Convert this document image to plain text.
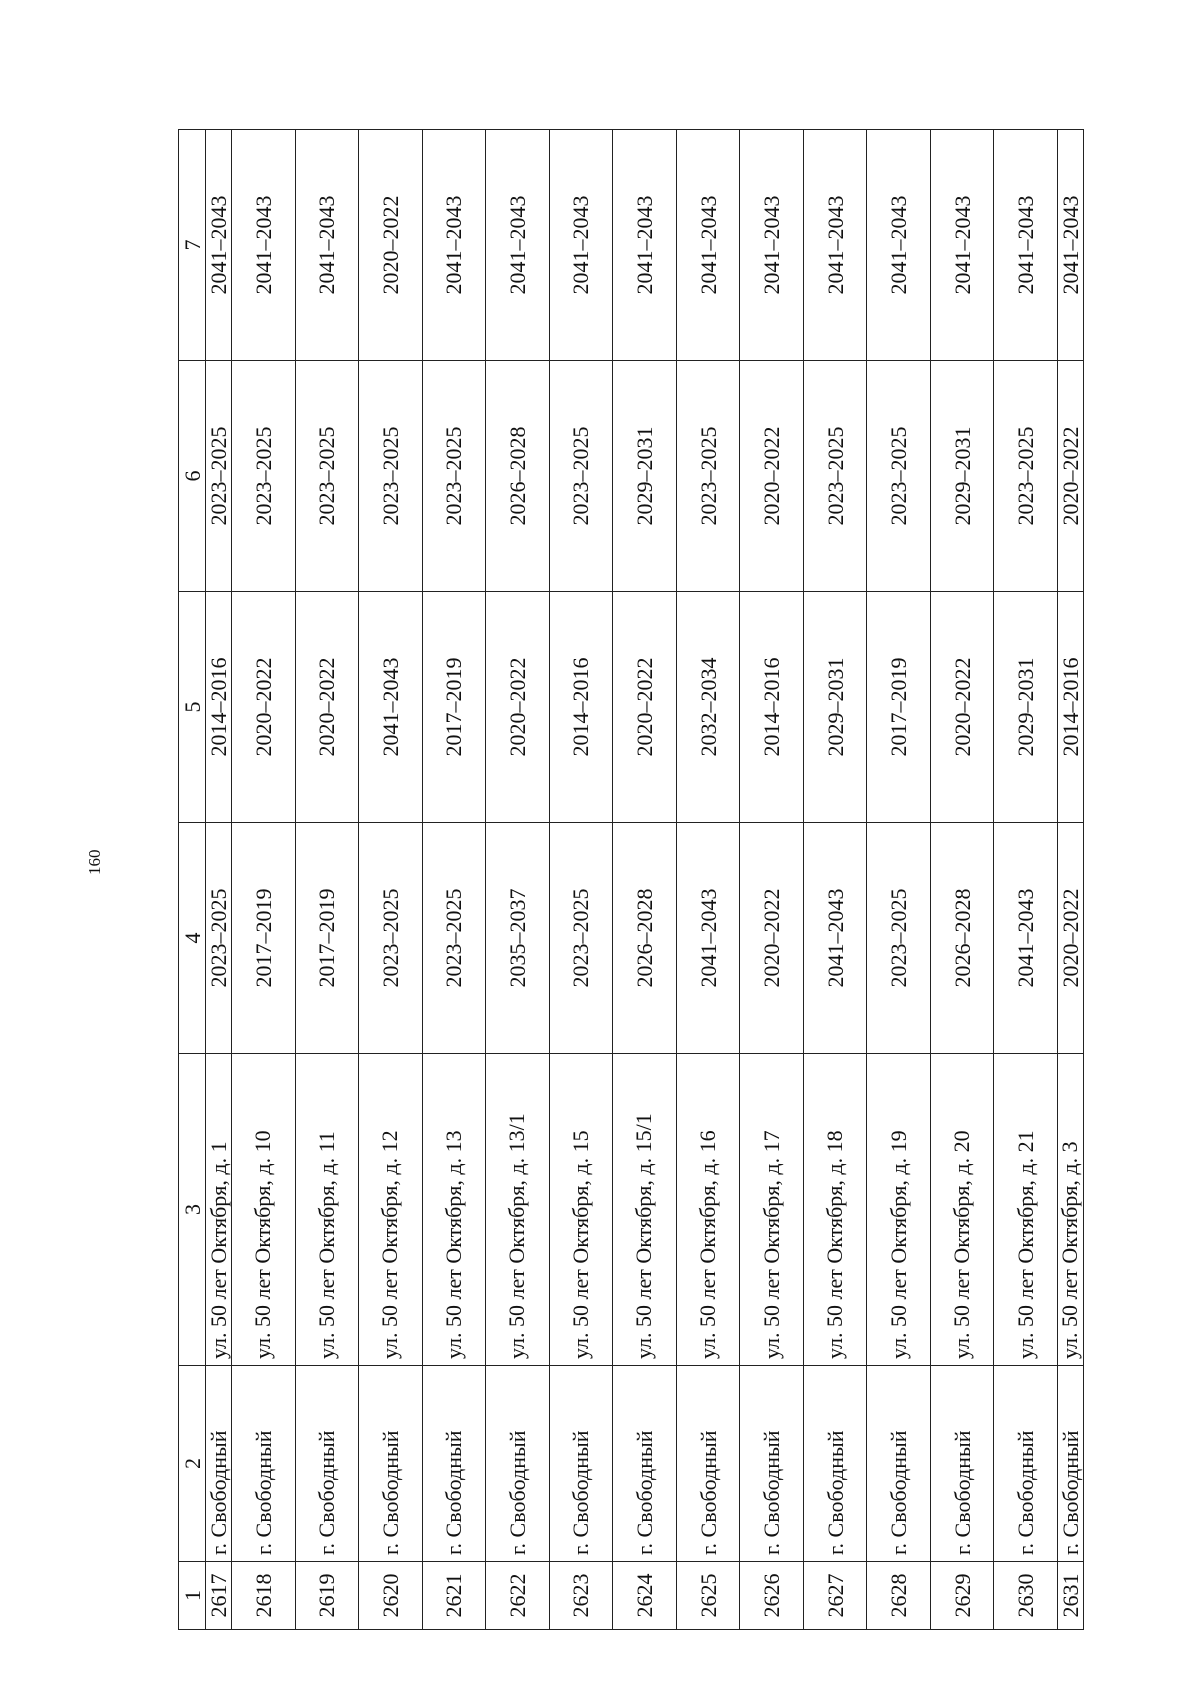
160
1	2	3	4	5	6	7
2617	г. Свободный	ул. 50 лет Октября, д. 1	2023–2025	2014–2016	2023–2025	2041–2043
2618	г. Свободный	ул. 50 лет Октября, д. 10	2017–2019	2020–2022	2023–2025	2041–2043
2619	г. Свободный	ул. 50 лет Октября, д. 11	2017–2019	2020–2022	2023–2025	2041–2043
2620	г. Свободный	ул. 50 лет Октября, д. 12	2023–2025	2041–2043	2023–2025	2020–2022
2621	г. Свободный	ул. 50 лет Октября, д. 13	2023–2025	2017–2019	2023–2025	2041–2043
2622	г. Свободный	ул. 50 лет Октября, д. 13/1	2035–2037	2020–2022	2026–2028	2041–2043
2623	г. Свободный	ул. 50 лет Октября, д. 15	2023–2025	2014–2016	2023–2025	2041–2043
2624	г. Свободный	ул. 50 лет Октября, д. 15/1	2026–2028	2020–2022	2029–2031	2041–2043
2625	г. Свободный	ул. 50 лет Октября, д. 16	2041–2043	2032–2034	2023–2025	2041–2043
2626	г. Свободный	ул. 50 лет Октября, д. 17	2020–2022	2014–2016	2020–2022	2041–2043
2627	г. Свободный	ул. 50 лет Октября, д. 18	2041–2043	2029–2031	2023–2025	2041–2043
2628	г. Свободный	ул. 50 лет Октября, д. 19	2023–2025	2017–2019	2023–2025	2041–2043
2629	г. Свободный	ул. 50 лет Октября, д. 20	2026–2028	2020–2022	2029–2031	2041–2043
2630	г. Свободный	ул. 50 лет Октября, д. 21	2041–2043	2029–2031	2023–2025	2041–2043
2631	г. Свободный	ул. 50 лет Октября, д. 3	2020–2022	2014–2016	2020–2022	2041–2043
